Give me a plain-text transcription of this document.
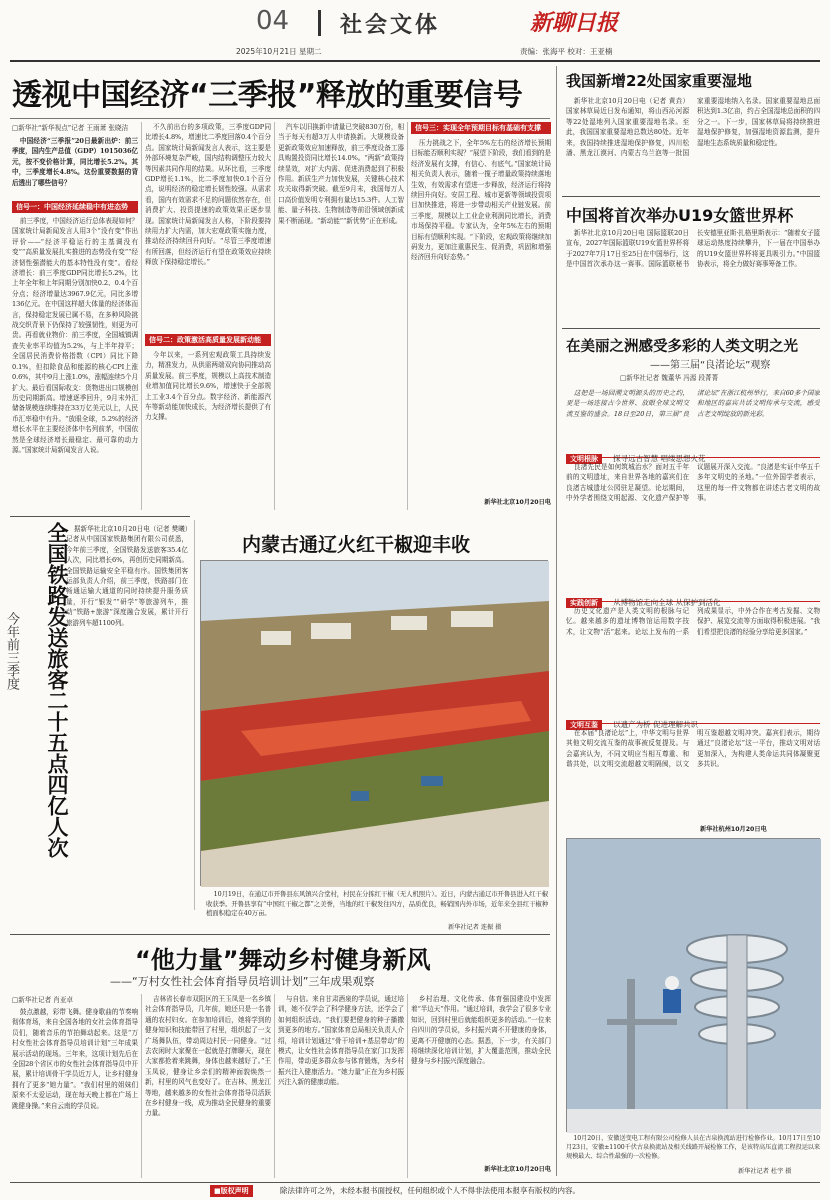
04 社会文体
2025年10月21日 星期二
新聊日报
责编：张海平 校对：王亚楠
透视中国经济“三季报”释放的重要信号
□新华社“新华视点”记者 王雨萧 张晓洁

中国经济“三季报”20日最新出炉：前三季度，国内生产总值（GDP）1015036亿元，按不变价格计算，同比增长5.2%。其中，三季度增长4.8%。这份重要数据的背后透出了哪些信号？

信号一：中国经济延续稳中有进态势

前三季度，中国经济运行总体表现如何？国家统计局新闻发言人用3个“没有变”作出评价——“经济平稳运行的主基调没有变”“高质量发展扎实推进的态势没有变”“经济韧性强潜能大的基本特性没有变”。看经济增长：前三季度GDP同比增长5.2%，比上年全年和上年同期分别加快0.2、0.4个百分点；经济增量达3967.9亿元，同比多增136亿元。在中国这样超大体量的经济体而言，保持稳定发展已属不易，在多种风险挑战交织背景下仍保持了较强韧性，则更为可贵。再看就业物价：前三季度，全国城镇调查失业率平均值为5.2%，与上半年持平；全国居民消费价格指数（CPI）同比下降0.1%，但扣除食品和能源的核心CPI上涨0.6%，其中9月上涨1.0%，涨幅连续5个月扩大。最后看国际收支：货物进出口规模创历史同期新高。增速逐季回升，9月末外汇储备规模连续维持在33万亿美元以上，人民币汇率稳中有升。“放眼全球，5.2%的经济增长水平在主要经济体中名列前茅，中国依然是全球经济增长最稳定、最可靠的动力源。”国家统计局新闻发言人说。

不久前出台的多项政策，三季度GDP同比增长4.8%，增速比二季度回落0.4个百分点。国家统计局新闻发言人表示，这主要是外部环境复杂严峻，国内结构调整压力较大等因素共同作用的结果。从环比看，三季度GDP增长1.1%，比二季度加快0.1个百分点，说明经济的稳定增长韧性较强。从需求看，国内有效需求不足的问题依然存在，但消费扩大、投资提速的政策效果正逐步显现。国家统计局新闻发言人称，下阶段要持续用力扩大内需，加大宏观政策实施力度，推动经济持续回升向好。“尽管三季度增速有所回落，但经济运行有望在政策效应持续释放下保持稳定增长。”

信号二：政策激活高质量发展新动能

今年以来，一系列宏观政策工具持续发力，精准发力，从供需两端双向协同推动高质量发展。前三季度，规模以上高技术制造业增加值同比增长9.6%，增速快于全部规上工业3.4个百分点。数字经济、新能源汽车等新动能加快成长，为经济增长提供了有力支撑。

汽车以旧换新申请量已突破830万份，相当于每天有超3万人申请换新。大规模设备更新政策效应加速释放，前三季度设备工器具购置投资同比增长14.0%。“两新”政策持续显效，对扩大内需、促进消费起到了积极作用。新质生产力加快发展，关键核心技术攻关取得新突破。截至9月末，我国每万人口高价值发明专利拥有量达15.3件。人工智能、量子科技、生物制造等前沿领域创新成果不断涌现。“新动能”“新优势”正在形成。

信号三：实现全年预期目标有基础有支撑

压力挑战之下，全年5%左右的经济增长预期目标能否顺利实现？“展望下阶段，我们看到的是经济发展有支撑，有信心、有底气。”国家统计局相关负责人表示，随着一揽子增量政策持续落地生效，有效需求有望进一步释放，经济运行将持续回升向好。安居工程、城市更新等领域投资项目加快推进，将进一步带动相关产业链发展。前三季度，规模以上工业企业利润同比增长，消费市场保持平稳。专家认为，全年5%左右的预期目标有望顺利实现。“下阶段，宏观政策将继续加码发力，更加注重惠民生、促消费，巩固和增强经济回升向好态势。”

新华社北京10月20日电
全国铁路发送旅客二十五点四亿人次
今年前三季度

据新华社北京10月20日电（记者 樊曦）记者从中国国家铁路集团有限公司获悉，今年前三季度，全国铁路发送旅客35.4亿人次，同比增长6%，再创历史同期新高。全国铁路运输安全平稳有序。国铁集团客运部负责人介绍，前三季度，铁路部门在畅通运输大通道的同时持续提升服务质量，开行“银发”“研学”等旅游列车，推动“铁路+旅游”深度融合发展，累计开行旅游列车超1100列。

内蒙古通辽火红干椒迎丰收

10月19日，在通辽市开鲁县东风镇兴合堂村，村民在分拣红干椒（无人机照片）。近日，内蒙古通辽市开鲁县进入红干椒收获季。开鲁县享有“中国红干椒之都”之美誉，当地的红干椒发往四方，品质优良，畅销国内外市场，近年来全县红干椒种植面积稳定在40万亩。

新华社记者 连振 摄
“他力量”舞动乡村健身新风
——“万村女性社会体育指导员培训计划”三年成果观察
□新华社记者 肖亚卓

鼓点激越，彩带飞舞。健身歌曲的节奏响彻体育场，来自全国各地的女社会体育指导员们，随着音乐的节拍舞动起来。这是“万村女性社会体育指导员培训计划”三年成果展示活动的现场。三年来，这项计划先后在全国28个省区市的女性社会体育指导员中开展，累计培训骨干学员近万人，让乡村健身拥有了更多“她力量”。“我们村里的姐妹们原来不太爱运动，现在每天晚上都在广场上跳健身操。”来自云南的学员说。

吉林省长春市双阳区的王玉凤是一名乡镇社会体育指导员，几年前，她还只是一名普通的农村妇女。在参加培训后，她将学到的健身知识和技能带回了村里，组织起了一支广场舞队伍，带动周边村民一同健身。“过去农闲时大家聚在一起就是打牌聊天，现在大家都抢着来跳舞，身体也越来越好了。”王玉凤说，健身让乡亲们的精神面貌焕然一新，村里的风气也变好了。在吉林、黑龙江等地，越来越多的女性社会体育指导员活跃在乡村健身一线，成为推动全民健身的重要力量。

与自信。来自甘肃酒泉的学员说，通过培训，她不仅学会了科学健身方法，还学会了如何组织活动。“我们要把健身的种子播撒到更多的地方。”国家体育总局相关负责人介绍，培训计划通过“骨干培训+基层带动”的模式，让女性社会体育指导员在家门口发挥作用，带动更多群众参与体育锻炼，为乡村振兴注入健康活力。“她力量”正在为乡村振兴注入新的健康动能。

乡村治理、文化传承、体育强国建设中发挥着“半边天”作用。“通过培训，我学会了很多专业知识，回到村里后就能组织更多的活动。”一位来自四川的学员说，乡村振兴离不开健康的身体，更离不开健康的心态。据悉，下一步，有关部门将继续深化培训计划，扩大覆盖范围，推动全民健身与乡村振兴深度融合。

新华社北京10月20日电
我国新增22处国家重要湿地

新华社北京10月20日电（记者 黄垚）国家林草局近日发布通知，将山西沁河源等22处湿地列入国家重要湿地名录。至此，我国国家重要湿地总数达80处。近年来，我国持续推进湿地保护修复，四川松潘、黑龙江漠河、内蒙古乌兰泡等一批国家重要湿地纳入名录。国家重要湿地总面积达到1.3亿亩，约占全国湿地总面积的四分之一。下一步，国家林草局将持续推进湿地保护修复，加强湿地资源监测，提升湿地生态系统质量和稳定性。

中国将首次举办U19女篮世界杯

新华社北京10月20日电 国际篮联20日宣布，2027年国际篮联U19女篮世界杯将于2027年7月17日至25日在中国举行，这是中国首次承办这一赛事。国际篮联秘书长安德里亚斯·扎格里斯表示：“随着女子篮球运动热度持续攀升，下一届在中国举办的U19女篮世界杯将更具吸引力。”中国篮协表示，将全力做好赛事筹备工作。

在美丽之洲感受多彩的人类文明之光
——第三届“良渚论坛”观察
□新华社记者 魏董华 冯源 段菁菁

这把是一场回溯文明源头的历史之约，更是一场连接古今世界、放眼全球文明交流互鉴的盛会。18日至20日，第三届“良渚论坛”在浙江杭州举行，来自60多个国家和地区的嘉宾共话文明传承与交流，感受古老文明绽放的新光彩。

文明根脉 探寻远古智慧 唱缕思想火花

良渚先民是如何筑城治水？面对五千年前的文明遗址，来自世界各地的嘉宾们在良渚古城遗址公园驻足凝望。论坛期间，中外学者围绕文明起源、文化遗产保护等议题展开深入交流。“良渚是实证中华五千多年文明史的圣地。”一位外国学者表示，这里的每一件文物都在讲述古老文明的故事。

实践创新 从博物馆走向全球 从保护到活化

历史文化遗产是人类文明的根脉与记忆。越来越多的遗址博物馆运用数字技术，让文物“活”起来。论坛上发布的一系列成果显示，中外合作在考古发掘、文物保护、展览交流等方面取得积极进展。“我们希望把良渚的经验分享给更多国家。”

文明互鉴 以遗产为桥 促进理解共识

在本届“良渚论坛”上，中华文明与世界其他文明交流互鉴的故事被反复提及。与会嘉宾认为，不同文明应当相互尊重、和谐共处，以文明交流超越文明隔阂，以文明互鉴超越文明冲突。嘉宾们表示，期待通过“良渚论坛”这一平台，推动文明对话更加深入，为构建人类命运共同体凝聚更多共识。

新华社杭州10月20日电

10月20日，安徽送变电工程有限公司检修人员在古泉换流站进行检修作业。10月17日至10月23日，安徽±1100千伏古泉换流站及相关线路开展检修工作，是该特高压直流工程投运以来规模最大、综合性最强的一次检修。

新华社记者 杜宇 摄
■版权声明	除法律许可之外，未经本报书面授权，任何组织或个人不得非法使用本报享有版权的内容。
